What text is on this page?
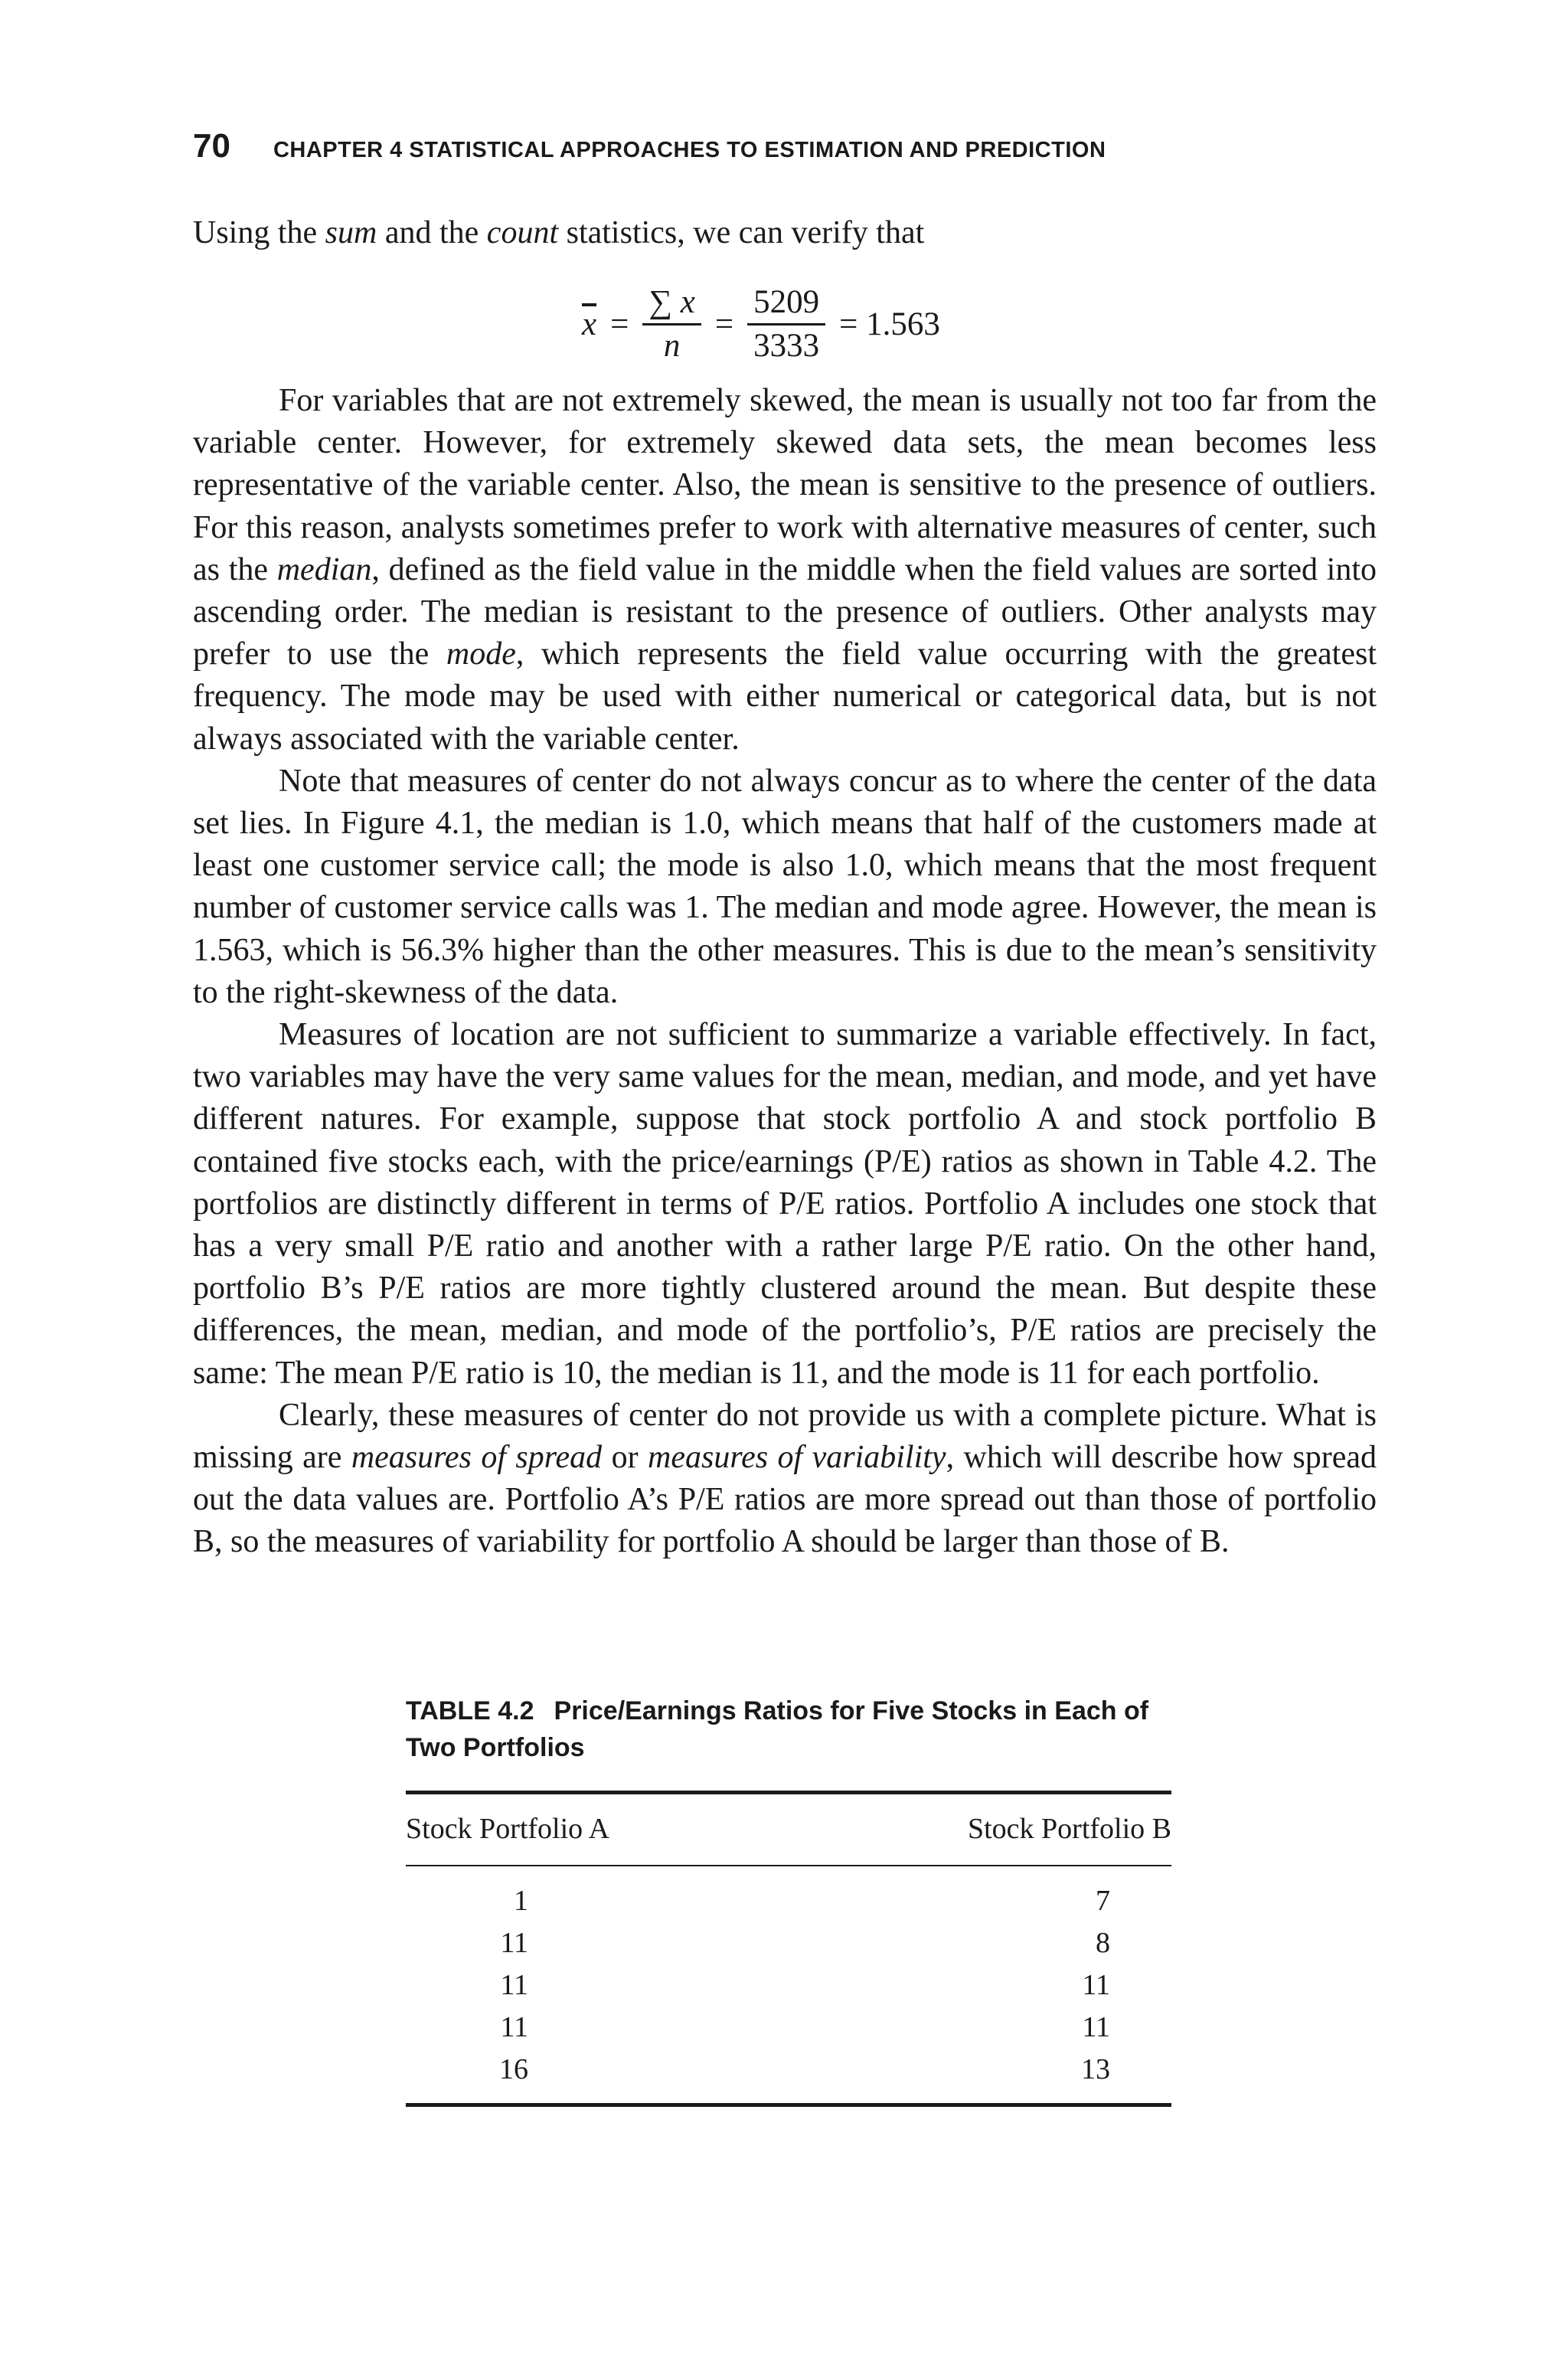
70 CHAPTER 4 STATISTICAL APPROACHES TO ESTIMATION AND PREDICTION
Using the sum and the count statistics, we can verify that
$\overline{x} = \frac{\sum x}{n} = \frac{5209}{3333} = 1.563$

For variables that are not extremely skewed, the mean is usually not too far from the variable center. However, for extremely skewed data sets, the mean becomes less representative of the variable center. Also, the mean is sensitive to the presence of outliers. For this reason, analysts sometimes prefer to work with alternative measures of center, such as the median, defined as the field value in the middle when the field values are sorted into ascending order. The median is resistant to the presence of outliers. Other analysts may prefer to use the mode, which represents the field value occurring with the greatest frequency. The mode may be used with either numerical or categorical data, but is not always associated with the variable center.

Note that measures of center do not always concur as to where the center of the data set lies. In Figure 4.1, the median is 1.0, which means that half of the customers made at least one customer service call; the mode is also 1.0, which means that the most frequent number of customer service calls was 1. The median and mode agree. However, the mean is 1.563, which is 56.3% higher than the other measures. This is due to the mean’s sensitivity to the right-skewness of the data.

Measures of location are not sufficient to summarize a variable effectively. In fact, two variables may have the very same values for the mean, median, and mode, and yet have different natures. For example, suppose that stock portfolio A and stock portfolio B contained five stocks each, with the price/earnings (P/E) ratios as shown in Table 4.2. The portfolios are distinctly different in terms of P/E ratios. Portfolio A includes one stock that has a very small P/E ratio and another with a rather large P/E ratio. On the other hand, portfolio B’s P/E ratios are more tightly clustered around the mean. But despite these differences, the mean, median, and mode of the portfolio’s, P/E ratios are precisely the same: The mean P/E ratio is 10, the median is 11, and the mode is 11 for each portfolio.

Clearly, these measures of center do not provide us with a complete picture. What is missing are measures of spread or measures of variability, which will describe how spread out the data values are. Portfolio A’s P/E ratios are more spread out than those of portfolio B, so the measures of variability for portfolio A should be larger than those of B.

TABLE 4.2 Price/Earnings Ratios for Five Stocks in Each of Two Portfolios
Stock Portfolio A	Stock Portfolio B
1	7
11	8
11	11
11	11
16	13
